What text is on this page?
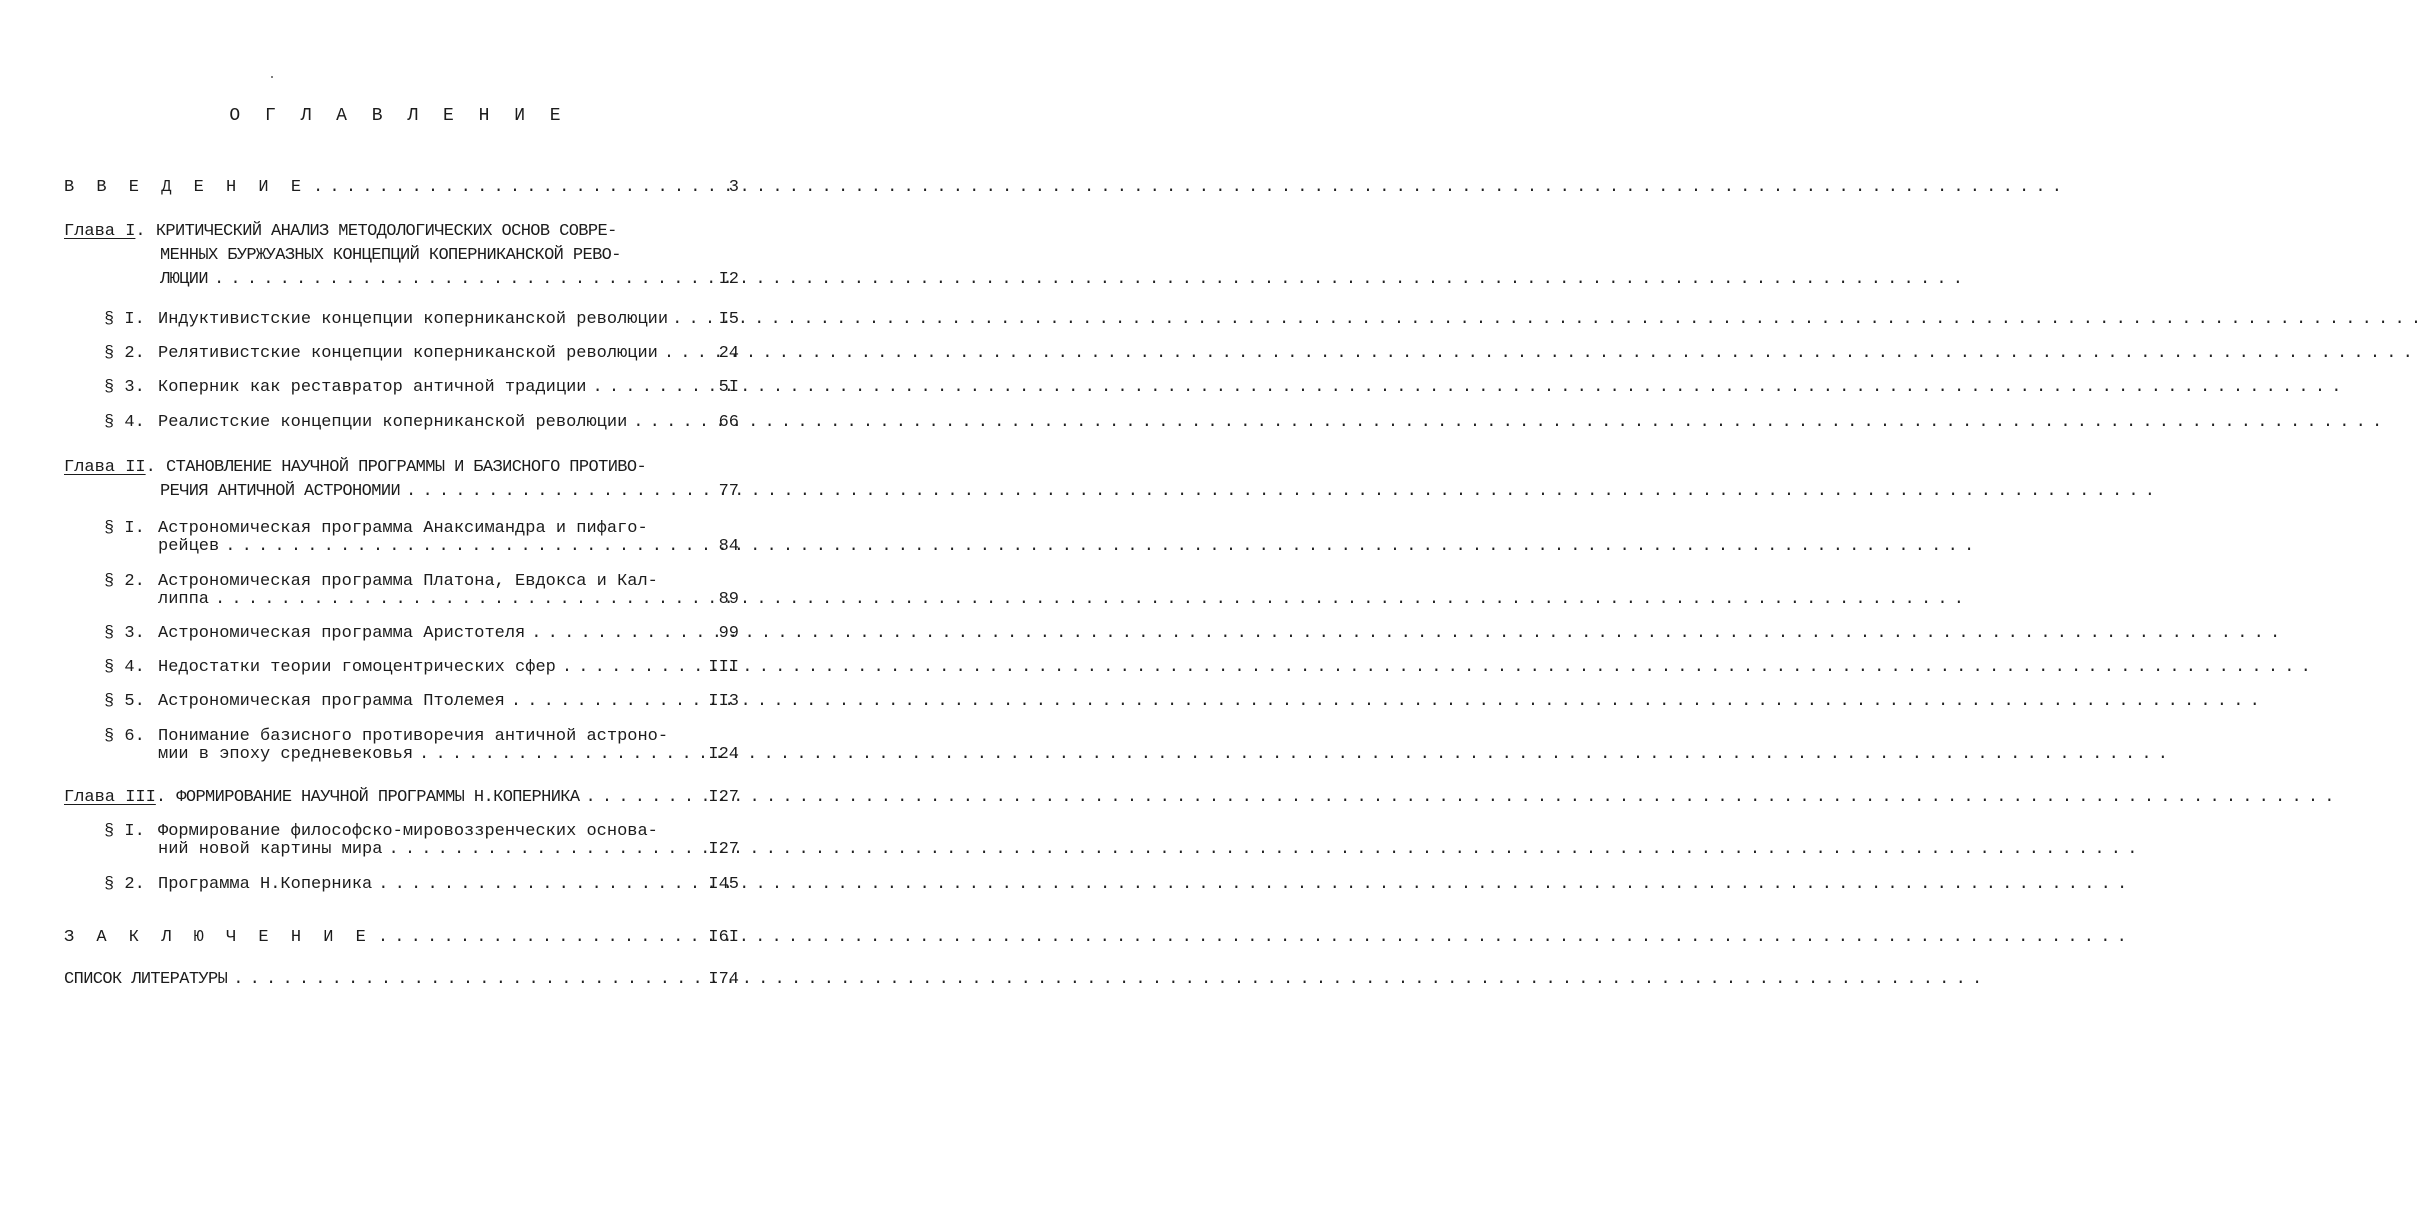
О Г Л А В Л Е Н И Е
В В Е Д Е Н И Е . . .	3
Глава I. КРИТИЧЕСКИЙ АНАЛИЗ МЕТОДОЛОГИЧЕСКИХ ОСНОВ СОВРЕ-
МЕННЫХ БУРЖУАЗНЫХ КОНЦЕПЦИЙ КОПЕРНИКАНСКОЙ РЕВО-
ЛЮЦИИ . . .	I2
§ I. Индуктивистские концепции коперниканской революции . . .	I5
§ 2. Релятивистские концепции коперниканской революции . . .	24
§ 3. Коперник как реставратор античной традиции . . .	5I
§ 4. Реалистские концепции коперниканской революции . . .	66
Глава II. СТАНОВЛЕНИЕ НАУЧНОЙ ПРОГРАММЫ И БАЗИСНОГО ПРОТИВО-
РЕЧИЯ АНТИЧНОЙ АСТРОНОМИИ . . .	77
§ I. Астрономическая программа Анаксимандра и пифаго-
рейцев . . .	84
§ 2. Астрономическая программа Платона, Евдокса и Кал-
липпа . . .	89
§ 3. Астрономическая программа Аристотеля . . .	99
§ 4. Недостатки теории гомоцентрических сфер . . .	III
§ 5. Астрономическая программа Птолемея . . .	II3
§ 6. Понимание базисного противоречия античной астроно-
мии в эпоху средневековья . . .	I24
Глава III. ФОРМИРОВАНИЕ НАУЧНОЙ ПРОГРАММЫ Н.КОПЕРНИКА . . .	I27
§ I. Формирование философско-мировоззренческих основа-
ний новой картины мира . . .	I27
§ 2. Программа Н.Коперника . . .	I45
З А К Л Ю Ч Е Н И Е . . .	I6I
СПИСОК ЛИТЕРАТУРЫ . . .	I74
